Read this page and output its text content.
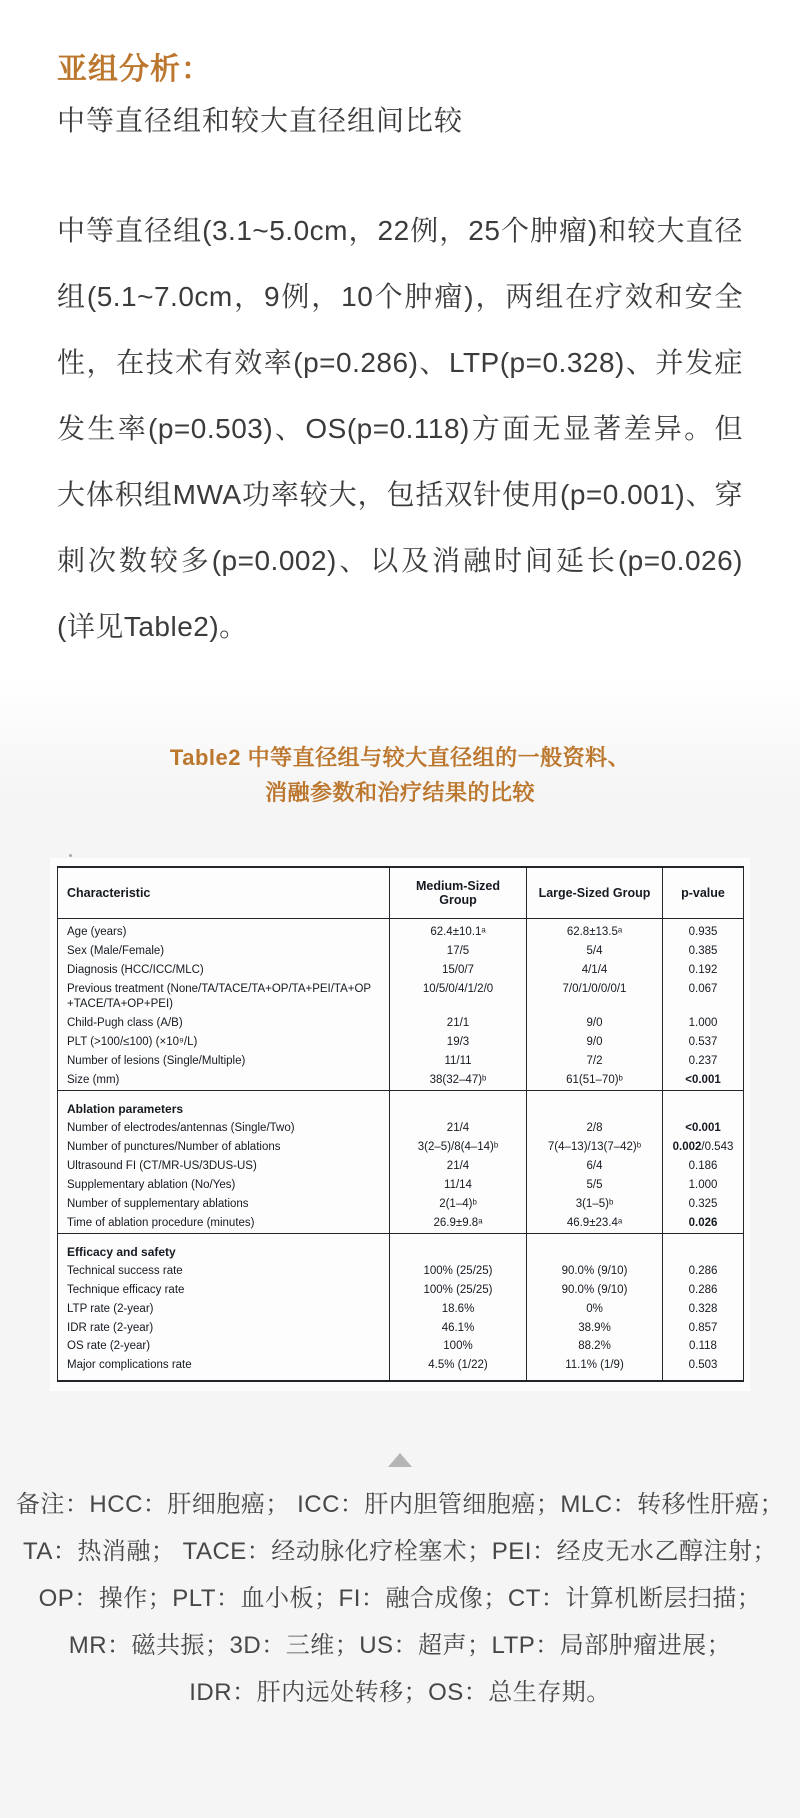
亚组分析：
中等直径组和较大直径组间比较

中等直径组(3.1~5.0cm，22例，25个肿瘤)和较大直径组(5.1~7.0cm，9例，10个肿瘤)，两组在疗效和安全性，在技术有效率(p=0.286)、LTP(p=0.328)、并发症发生率(p=0.503)、OS(p=0.118)方面无显著差异。但大体积组MWA功率较大，包括双针使用(p=0.001)、穿刺次数较多(p=0.002)、以及消融时间延长(p=0.026)(详见Table2)。

Table2 中等直径组与较大直径组的一般资料、
消融参数和治疗结果的比较
Characteristic	Medium-Sized Group	Large-Sized Group	p-value
Age (years)	62.4±10.1ᵃ	62.8±13.5ᵃ	0.935
Sex (Male/Female)	17/5	5/4	0.385
Diagnosis (HCC/ICC/MLC)	15/0/7	4/1/4	0.192
Previous treatment (None/TA/TACE/TA+OP/TA+PEI/TA+OP +TACE/TA+OP+PEI)	10/5/0/4/1/2/0	7/0/1/0/0/0/1	0.067
Child-Pugh class (A/B)	21/1	9/0	1.000
PLT (>100/≤100) (×10⁹/L)	19/3	9/0	0.537
Number of lesions (Single/Multiple)	11/11	7/2	0.237
Size (mm)	38(32–47)ᵇ	61(51–70)ᵇ	<0.001
Ablation parameters			
Number of electrodes/antennas (Single/Two)	21/4	2/8	<0.001
Number of punctures/Number of ablations	3(2–5)/8(4–14)ᵇ	7(4–13)/13(7–42)ᵇ	0.002/0.543
Ultrasound FI (CT/MR-US/3DUS-US)	21/4	6/4	0.186
Supplementary ablation (No/Yes)	11/14	5/5	1.000
Number of supplementary ablations	2(1–4)ᵇ	3(1–5)ᵇ	0.325
Time of ablation procedure (minutes)	26.9±9.8ᵃ	46.9±23.4ᵃ	0.026
Efficacy and safety			
Technical success rate	100% (25/25)	90.0% (9/10)	0.286
Technique efficacy rate	100% (25/25)	90.0% (9/10)	0.286
LTP rate (2-year)	18.6%	0%	0.328
IDR rate (2-year)	46.1%	38.9%	0.857
OS rate (2-year)	100%	88.2%	0.118
Major complications rate	4.5% (1/22)	11.1% (1/9)	0.503
备注：HCC：肝细胞癌； ICC：肝内胆管细胞癌；MLC：转移性肝癌；
TA：热消融； TACE：经动脉化疗栓塞术；PEI：经皮无水乙醇注射；
OP：操作；PLT：血小板；FI：融合成像；CT：计算机断层扫描；
MR：磁共振；3D：三维；US：超声；LTP：局部肿瘤进展；
IDR：肝内远处转移；OS：总生存期。
